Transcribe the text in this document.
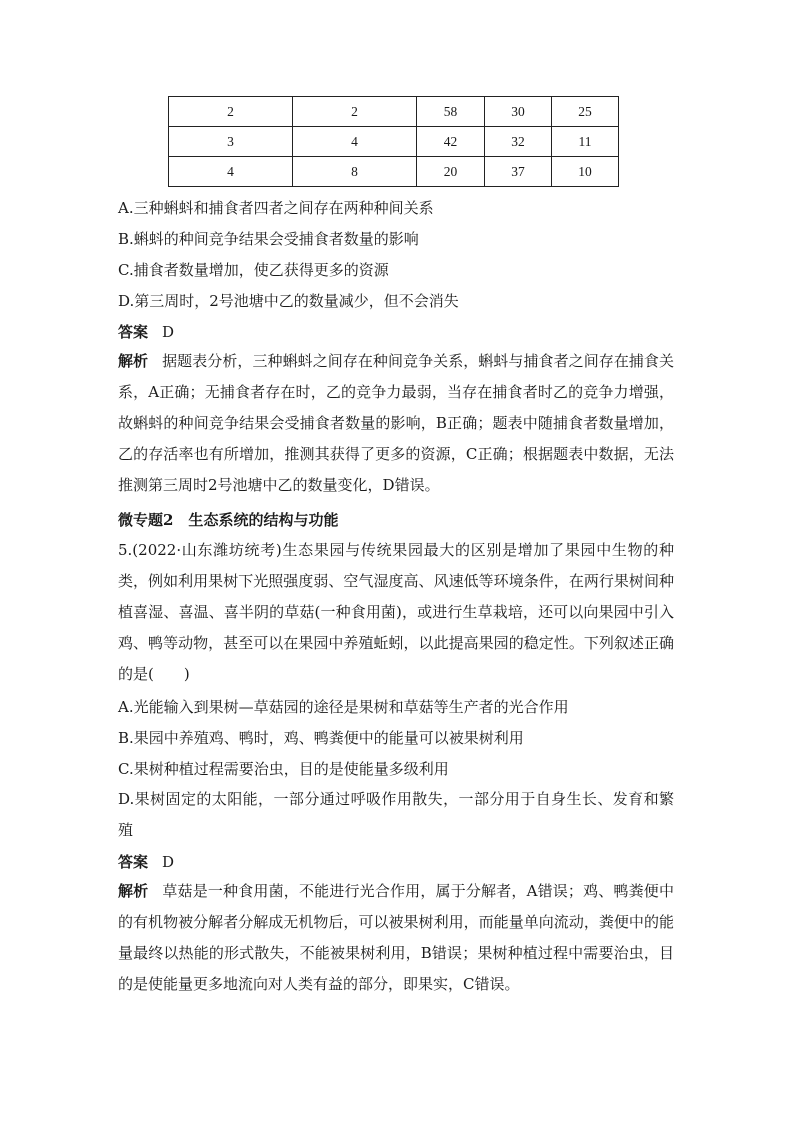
2	2	58	30	25
3	4	42	32	11
4	8	20	37	10
A.三种蝌蚪和捕食者四者之间存在两种种间关系
B.蝌蚪的种间竞争结果会受捕食者数量的影响
C.捕食者数量增加，使乙获得更多的资源
D.第三周时，2号池塘中乙的数量减少，但不会消失
答案 D
解析 据题表分析，三种蝌蚪之间存在种间竞争关系，蝌蚪与捕食者之间存在捕食关系，A正确；无捕食者存在时，乙的竞争力最弱，当存在捕食者时乙的竞争力增强，故蝌蚪的种间竞争结果会受捕食者数量的影响，B正确；题表中随捕食者数量增加，乙的存活率也有所增加，推测其获得了更多的资源，C正确；根据题表中数据，无法推测第三周时2号池塘中乙的数量变化，D错误。
微专题2　生态系统的结构与功能
5.(2022·山东潍坊统考)生态果园与传统果园最大的区别是增加了果园中生物的种类，例如利用果树下光照强度弱、空气湿度高、风速低等环境条件，在两行果树间种植喜湿、喜温、喜半阴的草菇(一种食用菌)，或进行生草栽培，还可以向果园中引入鸡、鸭等动物，甚至可以在果园中养殖蚯蚓，以此提高果园的稳定性。下列叙述正确的是(　　)
A.光能输入到果树—草菇园的途径是果树和草菇等生产者的光合作用
B.果园中养殖鸡、鸭时，鸡、鸭粪便中的能量可以被果树利用
C.果树种植过程需要治虫，目的是使能量多级利用
D.果树固定的太阳能，一部分通过呼吸作用散失，一部分用于自身生长、发育和繁殖
答案 D
解析 草菇是一种食用菌，不能进行光合作用，属于分解者，A错误；鸡、鸭粪便中的有机物被分解者分解成无机物后，可以被果树利用，而能量单向流动，粪便中的能量最终以热能的形式散失，不能被果树利用，B错误；果树种植过程中需要治虫，目的是使能量更多地流向对人类有益的部分，即果实，C错误。
